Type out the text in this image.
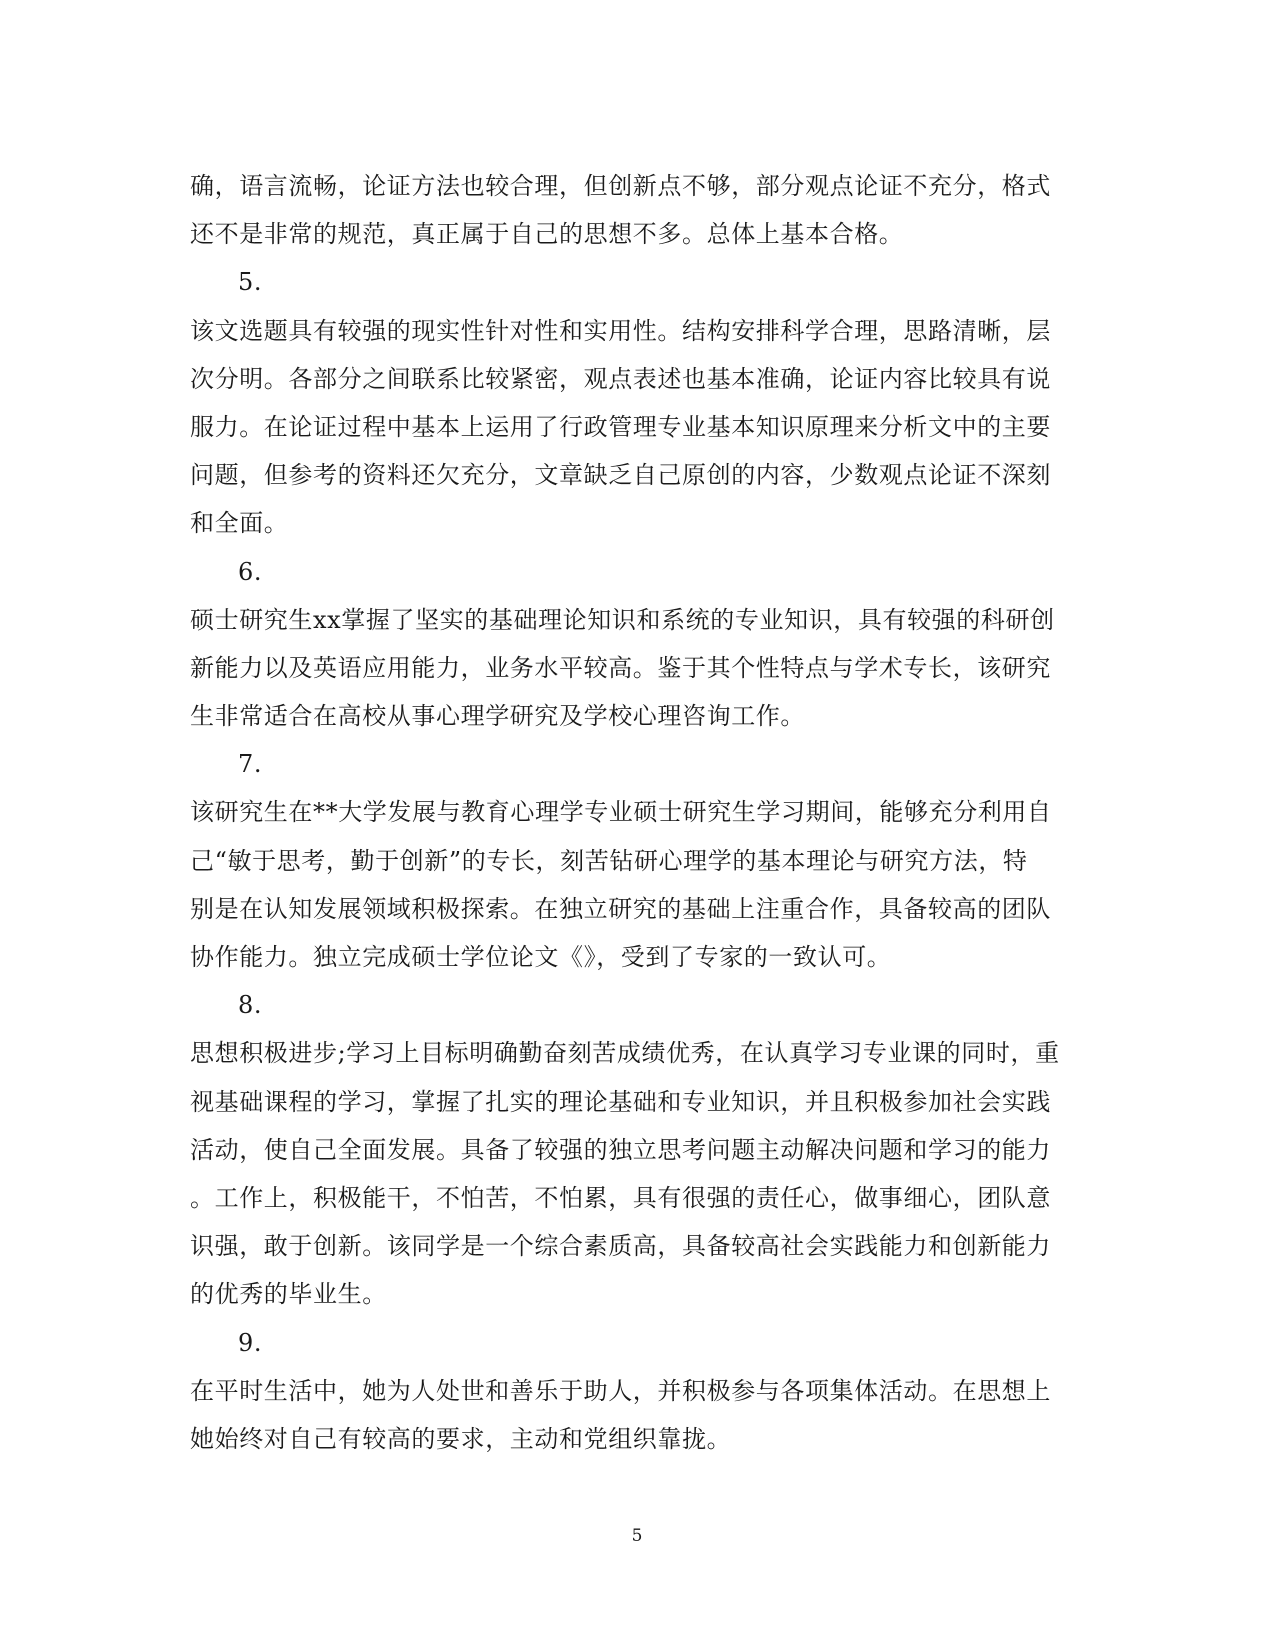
确，语言流畅，论证方法也较合理，但创新点不够，部分观点论证不充分，格式
还不是非常的规范，真正属于自己的思想不多。总体上基本合格。
5.
该文选题具有较强的现实性针对性和实用性。结构安排科学合理，思路清晰，层
次分明。各部分之间联系比较紧密，观点表述也基本准确，论证内容比较具有说
服力。在论证过程中基本上运用了行政管理专业基本知识原理来分析文中的主要
问题，但参考的资料还欠充分，文章缺乏自己原创的内容，少数观点论证不深刻
和全面。
6.
硕士研究生xx掌握了坚实的基础理论知识和系统的专业知识，具有较强的科研创
新能力以及英语应用能力，业务水平较高。鉴于其个性特点与学术专长，该研究
生非常适合在高校从事心理学研究及学校心理咨询工作。
7.
该研究生在**大学发展与教育心理学专业硕士研究生学习期间，能够充分利用自
己“敏于思考，勤于创新”的专长，刻苦钻研心理学的基本理论与研究方法，特
别是在认知发展领域积极探索。在独立研究的基础上注重合作，具备较高的团队
协作能力。独立完成硕士学位论文《》，受到了专家的一致认可。
8.
思想积极进步;学习上目标明确勤奋刻苦成绩优秀，在认真学习专业课的同时，重
视基础课程的学习，掌握了扎实的理论基础和专业知识，并且积极参加社会实践
活动，使自己全面发展。具备了较强的独立思考问题主动解决问题和学习的能力
。工作上，积极能干，不怕苦，不怕累，具有很强的责任心，做事细心，团队意
识强，敢于创新。该同学是一个综合素质高，具备较高社会实践能力和创新能力
的优秀的毕业生。
9.
在平时生活中，她为人处世和善乐于助人，并积极参与各项集体活动。在思想上
她始终对自己有较高的要求，主动和党组织靠拢。
5
